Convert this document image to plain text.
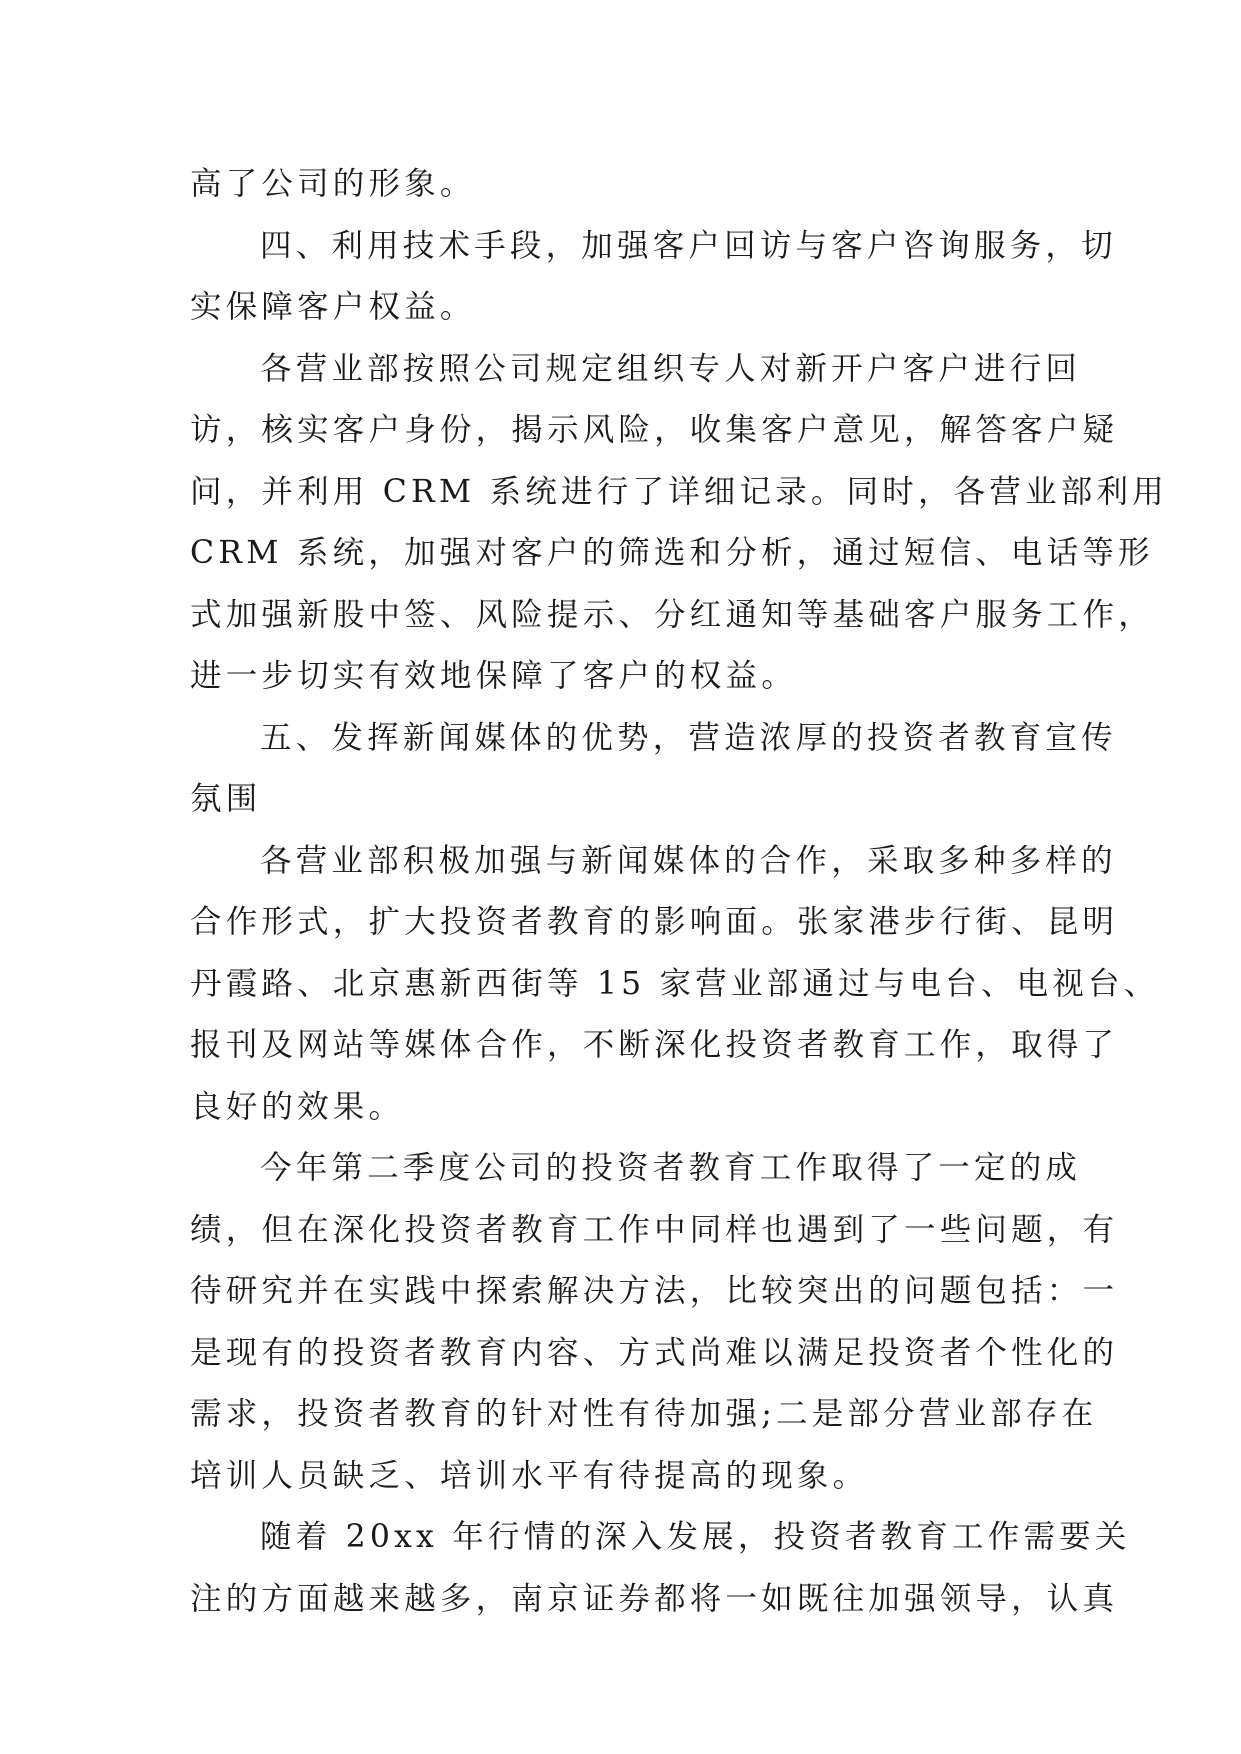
高了公司的形象。
四、利用技术手段，加强客户回访与客户咨询服务，切
实保障客户权益。
各营业部按照公司规定组织专人对新开户客户进行回
访，核实客户身份，揭示风险，收集客户意见，解答客户疑
问，并利用 CRM 系统进行了详细记录。同时，各营业部利用
CRM 系统，加强对客户的筛选和分析，通过短信、电话等形
式加强新股中签、风险提示、分红通知等基础客户服务工作，
进一步切实有效地保障了客户的权益。
五、发挥新闻媒体的优势，营造浓厚的投资者教育宣传
氛围
各营业部积极加强与新闻媒体的合作，采取多种多样的
合作形式，扩大投资者教育的影响面。张家港步行街、昆明
丹霞路、北京惠新西街等 15 家营业部通过与电台、电视台、
报刊及网站等媒体合作，不断深化投资者教育工作，取得了
良好的效果。
今年第二季度公司的投资者教育工作取得了一定的成
绩，但在深化投资者教育工作中同样也遇到了一些问题，有
待研究并在实践中探索解决方法，比较突出的问题包括：一
是现有的投资者教育内容、方式尚难以满足投资者个性化的
需求，投资者教育的针对性有待加强;二是部分营业部存在
培训人员缺乏、培训水平有待提高的现象。
随着 20xx 年行情的深入发展，投资者教育工作需要关
注的方面越来越多，南京证券都将一如既往加强领导，认真
